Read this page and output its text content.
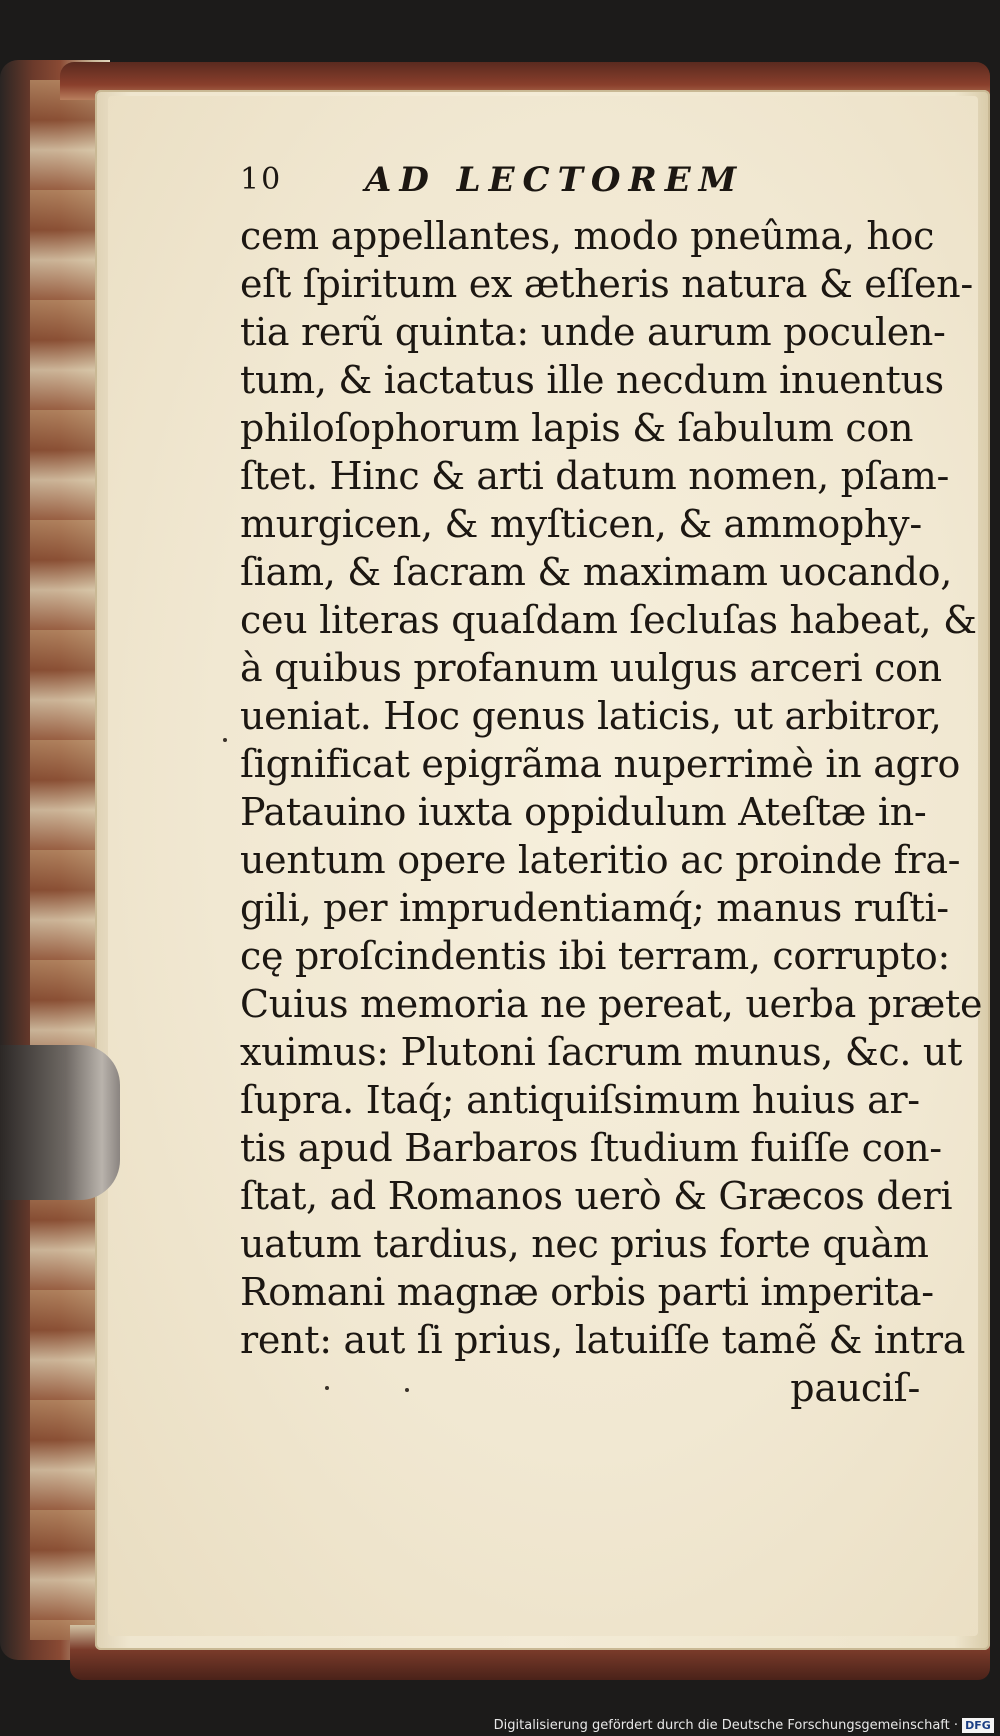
10 AD LECTOREM
cem appellantes, modo pneûma, hoc
eſt ſpiritum ex ætheris natura & eſſen-
tia rerũ quinta: unde aurum poculen-
tum, & iactatus ille necdum inuentus
philoſophorum lapis & ſabulum con
ſtet. Hinc & arti datum nomen, pſam-
murgicen, & myſticen, & ammophy-
ſiam, & ſacram & maximam uocando,
ceu literas quaſdam ſecluſas habeat, &
à quibus profanum uulgus arceri con
ueniat. Hoc genus laticis, ut arbitror,
ſignificat epigrãma nuperrimè in agro
Patauino iuxta oppidulum Ateſtæ in-
uentum opere lateritio ac proinde fra-
gili, per imprudentiamq́; manus ruſti-
cę proſcindentis ibi terram, corrupto:
Cuius memoria ne pereat, uerba præte
xuimus: Plutoni ſacrum munus, &c. ut
ſupra. Itaq́; antiquiſsimum huius ar-
tis apud Barbaros ſtudium fuiſſe con-
ſtat, ad Romanos uerò & Græcos deri
uatum tardius, nec prius forte quàm
Romani magnæ orbis parti imperita-
rent: aut ſi prius, latuiſſe tamẽ & intra
pauciſ-
Digitalisierung gefördert durch die Deutsche Forschungsgemeinschaft · DFG
